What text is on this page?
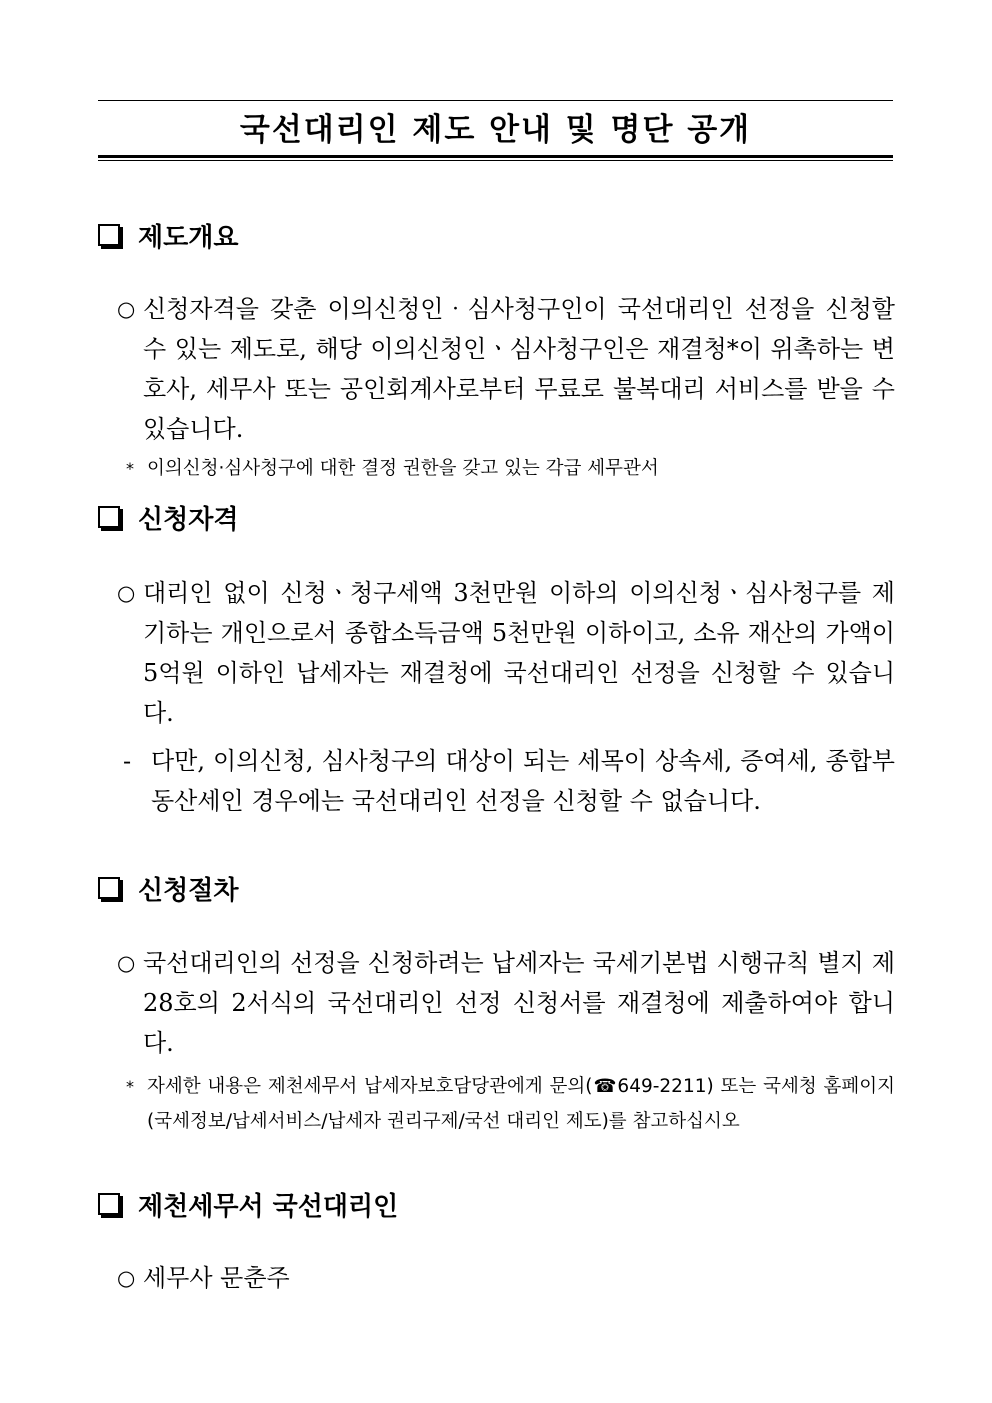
국선대리인 제도 안내 및 명단 공개
제도개요
○ 신청자격을 갖춘 이의신청인‧심사청구인이 국선대리인 선정을 신청할 수 있는 제도로, 해당 이의신청인ㆍ심사청구인은 재결청*이 위촉하는 변호사, 세무사 또는 공인회계사로부터 무료로 불복대리 서비스를 받을 수 있습니다.
* 이의신청‧심사청구에 대한 결정 권한을 갖고 있는 각급 세무관서
신청자격
○ 대리인 없이 신청ㆍ청구세액 3천만원 이하의 이의신청ㆍ심사청구를 제기하는 개인으로서 종합소득금액 5천만원 이하이고, 소유 재산의 가액이 5억원 이하인 납세자는 재결청에 국선대리인 선정을 신청할 수 있습니다.
- 다만, 이의신청, 심사청구의 대상이 되는 세목이 상속세, 증여세, 종합부동산세인 경우에는 국선대리인 선정을 신청할 수 없습니다.
신청절차
○ 국선대리인의 선정을 신청하려는 납세자는 국세기본법 시행규칙 별지 제28호의 2서식의 국선대리인 선정 신청서를 재결청에 제출하여야 합니다.
* 자세한 내용은 제천세무서 납세자보호담당관에게 문의(☎649-2211) 또는 국세청 홈페이지(국세정보/납세서비스/납세자 권리구제/국선 대리인 제도)를 참고하십시오
제천세무서 국선대리인
○ 세무사 문춘주
